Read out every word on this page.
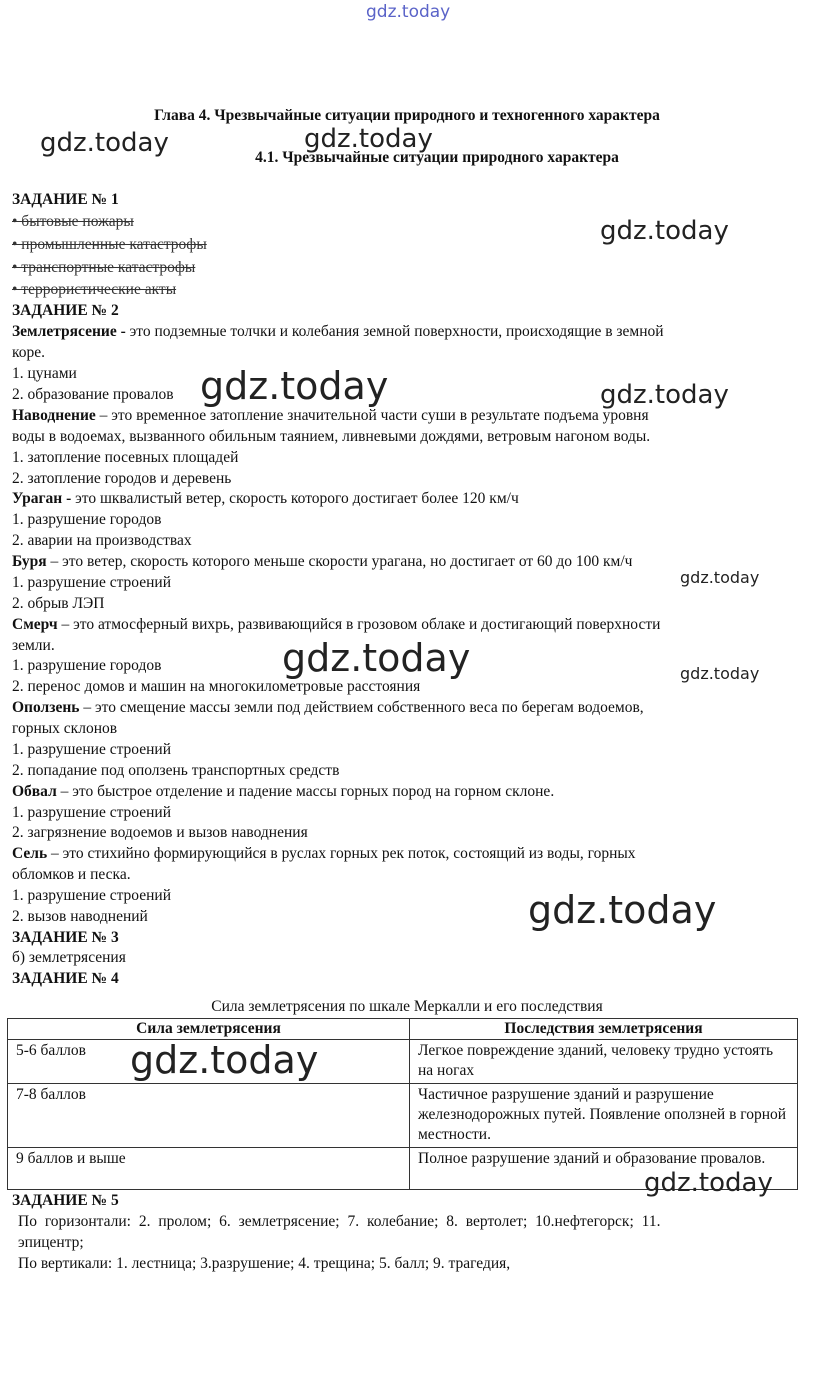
gdz.today
Глава 4. Чрезвычайные ситуации природного и техногенного характера
4.1. Чрезвычайные ситуации природного характера
ЗАДАНИЕ № 1
• бытовые пожары
• промышленные катастрофы
• транспортные катастрофы
• террористические акты
ЗАДАНИЕ № 2
Землетрясение - это подземные толчки и колебания земной поверхности, происходящие в земной
коре.
1. цунами
2. образование провалов
Наводнение – это временное затопление значительной части суши в результате подъема уровня
воды в водоемах, вызванного обильным таянием, ливневыми дождями, ветровым нагоном воды.
1. затопление посевных площадей
2. затопление городов и деревень
Ураган - это шквалистый ветер, скорость которого достигает более 120 км/ч
1. разрушение городов
2. аварии на производствах
Буря – это ветер, скорость которого меньше скорости урагана, но достигает от 60 до 100 км/ч
1. разрушение строений
2. обрыв ЛЭП
Смерч – это атмосферный вихрь, развивающийся в грозовом облаке и достигающий поверхности
земли.
1. разрушение городов
2. перенос домов и машин на многокилометровые расстояния
Оползень – это смещение массы земли под действием собственного веса по берегам водоемов,
горных склонов
1. разрушение строений
2. попадание под оползень транспортных средств
Обвал – это быстрое отделение и падение массы горных пород на горном склоне.
1. разрушение строений
2. загрязнение водоемов и вызов наводнения
Сель – это стихийно формирующийся в руслах горных рек поток, состоящий из воды, горных
обломков и песка.
1. разрушение строений
2. вызов наводнений
ЗАДАНИЕ № 3
б) землетрясения
ЗАДАНИЕ № 4
Сила землетрясения по шкале Меркалли и его последствия
Сила землетрясения	Последствия землетрясения
5-6 баллов	Легкое повреждение зданий, человеку трудно устоять на ногах
7-8 баллов	Частичное разрушение зданий и разрушение железнодорожных путей. Появление оползней в горной местности.
9 баллов и выше	Полное разрушение зданий и образование провалов.
ЗАДАНИЕ № 5
По горизонтали: 2. пролом; 6. землетрясение; 7. колебание; 8. вертолет; 10.нефтегорск; 11.
эпицентр;
По вертикали: 1. лестница; 3.разрушение; 4. трещина; 5. балл; 9. трагедия,
gdz.today	gdz.today
gdz.today
gdz.today	gdz.today
gdz.today
gdz.today	gdz.today
gdz.today
gdz.today
gdz.today
